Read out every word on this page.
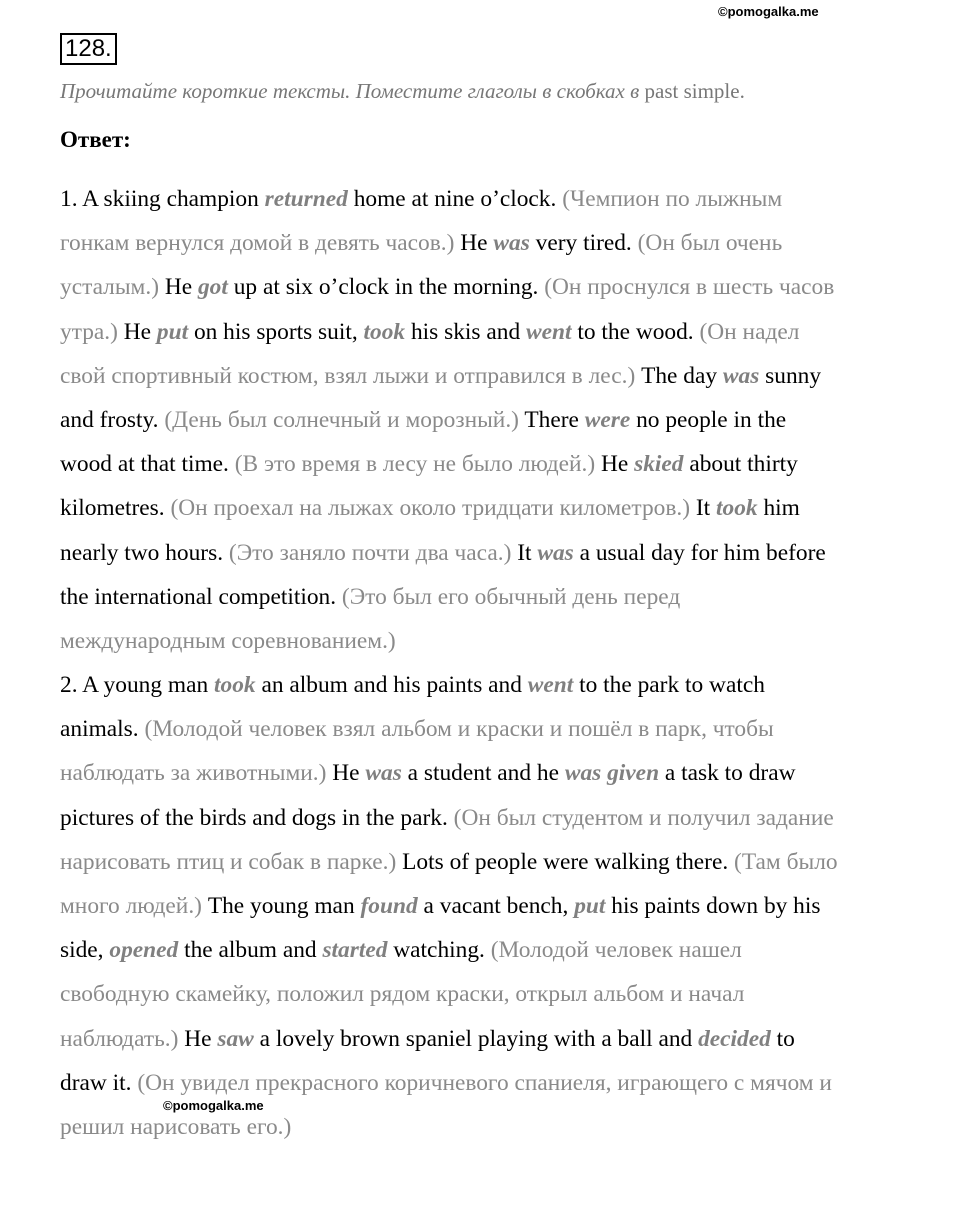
©pomogalka.me
128.
Прочитайте короткие тексты. Поместите глаголы в скобках в past simple.
Ответ:
1. A skiing champion returned home at nine o’clock. (Чемпион по лыжным
гонкам вернулся домой в девять часов.) He was very tired. (Он был очень
усталым.) He got up at six o’clock in the morning. (Он проснулся в шесть часов
утра.) He put on his sports suit, took his skis and went to the wood. (Он надел
свой спортивный костюм, взял лыжи и отправился в лес.) The day was sunny
and frosty. (День был солнечный и морозный.) There were no people in the
wood at that time. (В это время в лесу не было людей.) He skied about thirty
kilometres. (Он проехал на лыжах около тридцати километров.) It took him
nearly two hours. (Это заняло почти два часа.) It was a usual day for him before
the international competition. (Это был его обычный день перед
международным соревнованием.)
2. A young man took an album and his paints and went to the park to watch
animals. (Молодой человек взял альбом и краски и пошёл в парк, чтобы
наблюдать за животными.) He was a student and he was given a task to draw
pictures of the birds and dogs in the park. (Он был студентом и получил задание
нарисовать птиц и собак в парке.) Lots of people were walking there. (Там было
много людей.) The young man found a vacant bench, put his paints down by his
side, opened the album and started watching. (Молодой человек нашел
свободную скамейку, положил рядом краски, открыл альбом и начал
наблюдать.) He saw a lovely brown spaniel playing with a ball and decided to
draw it. (Он увидел прекрасного коричневого спаниеля, играющего с мячом и
решил нарисовать его.)
©pomogalka.me
